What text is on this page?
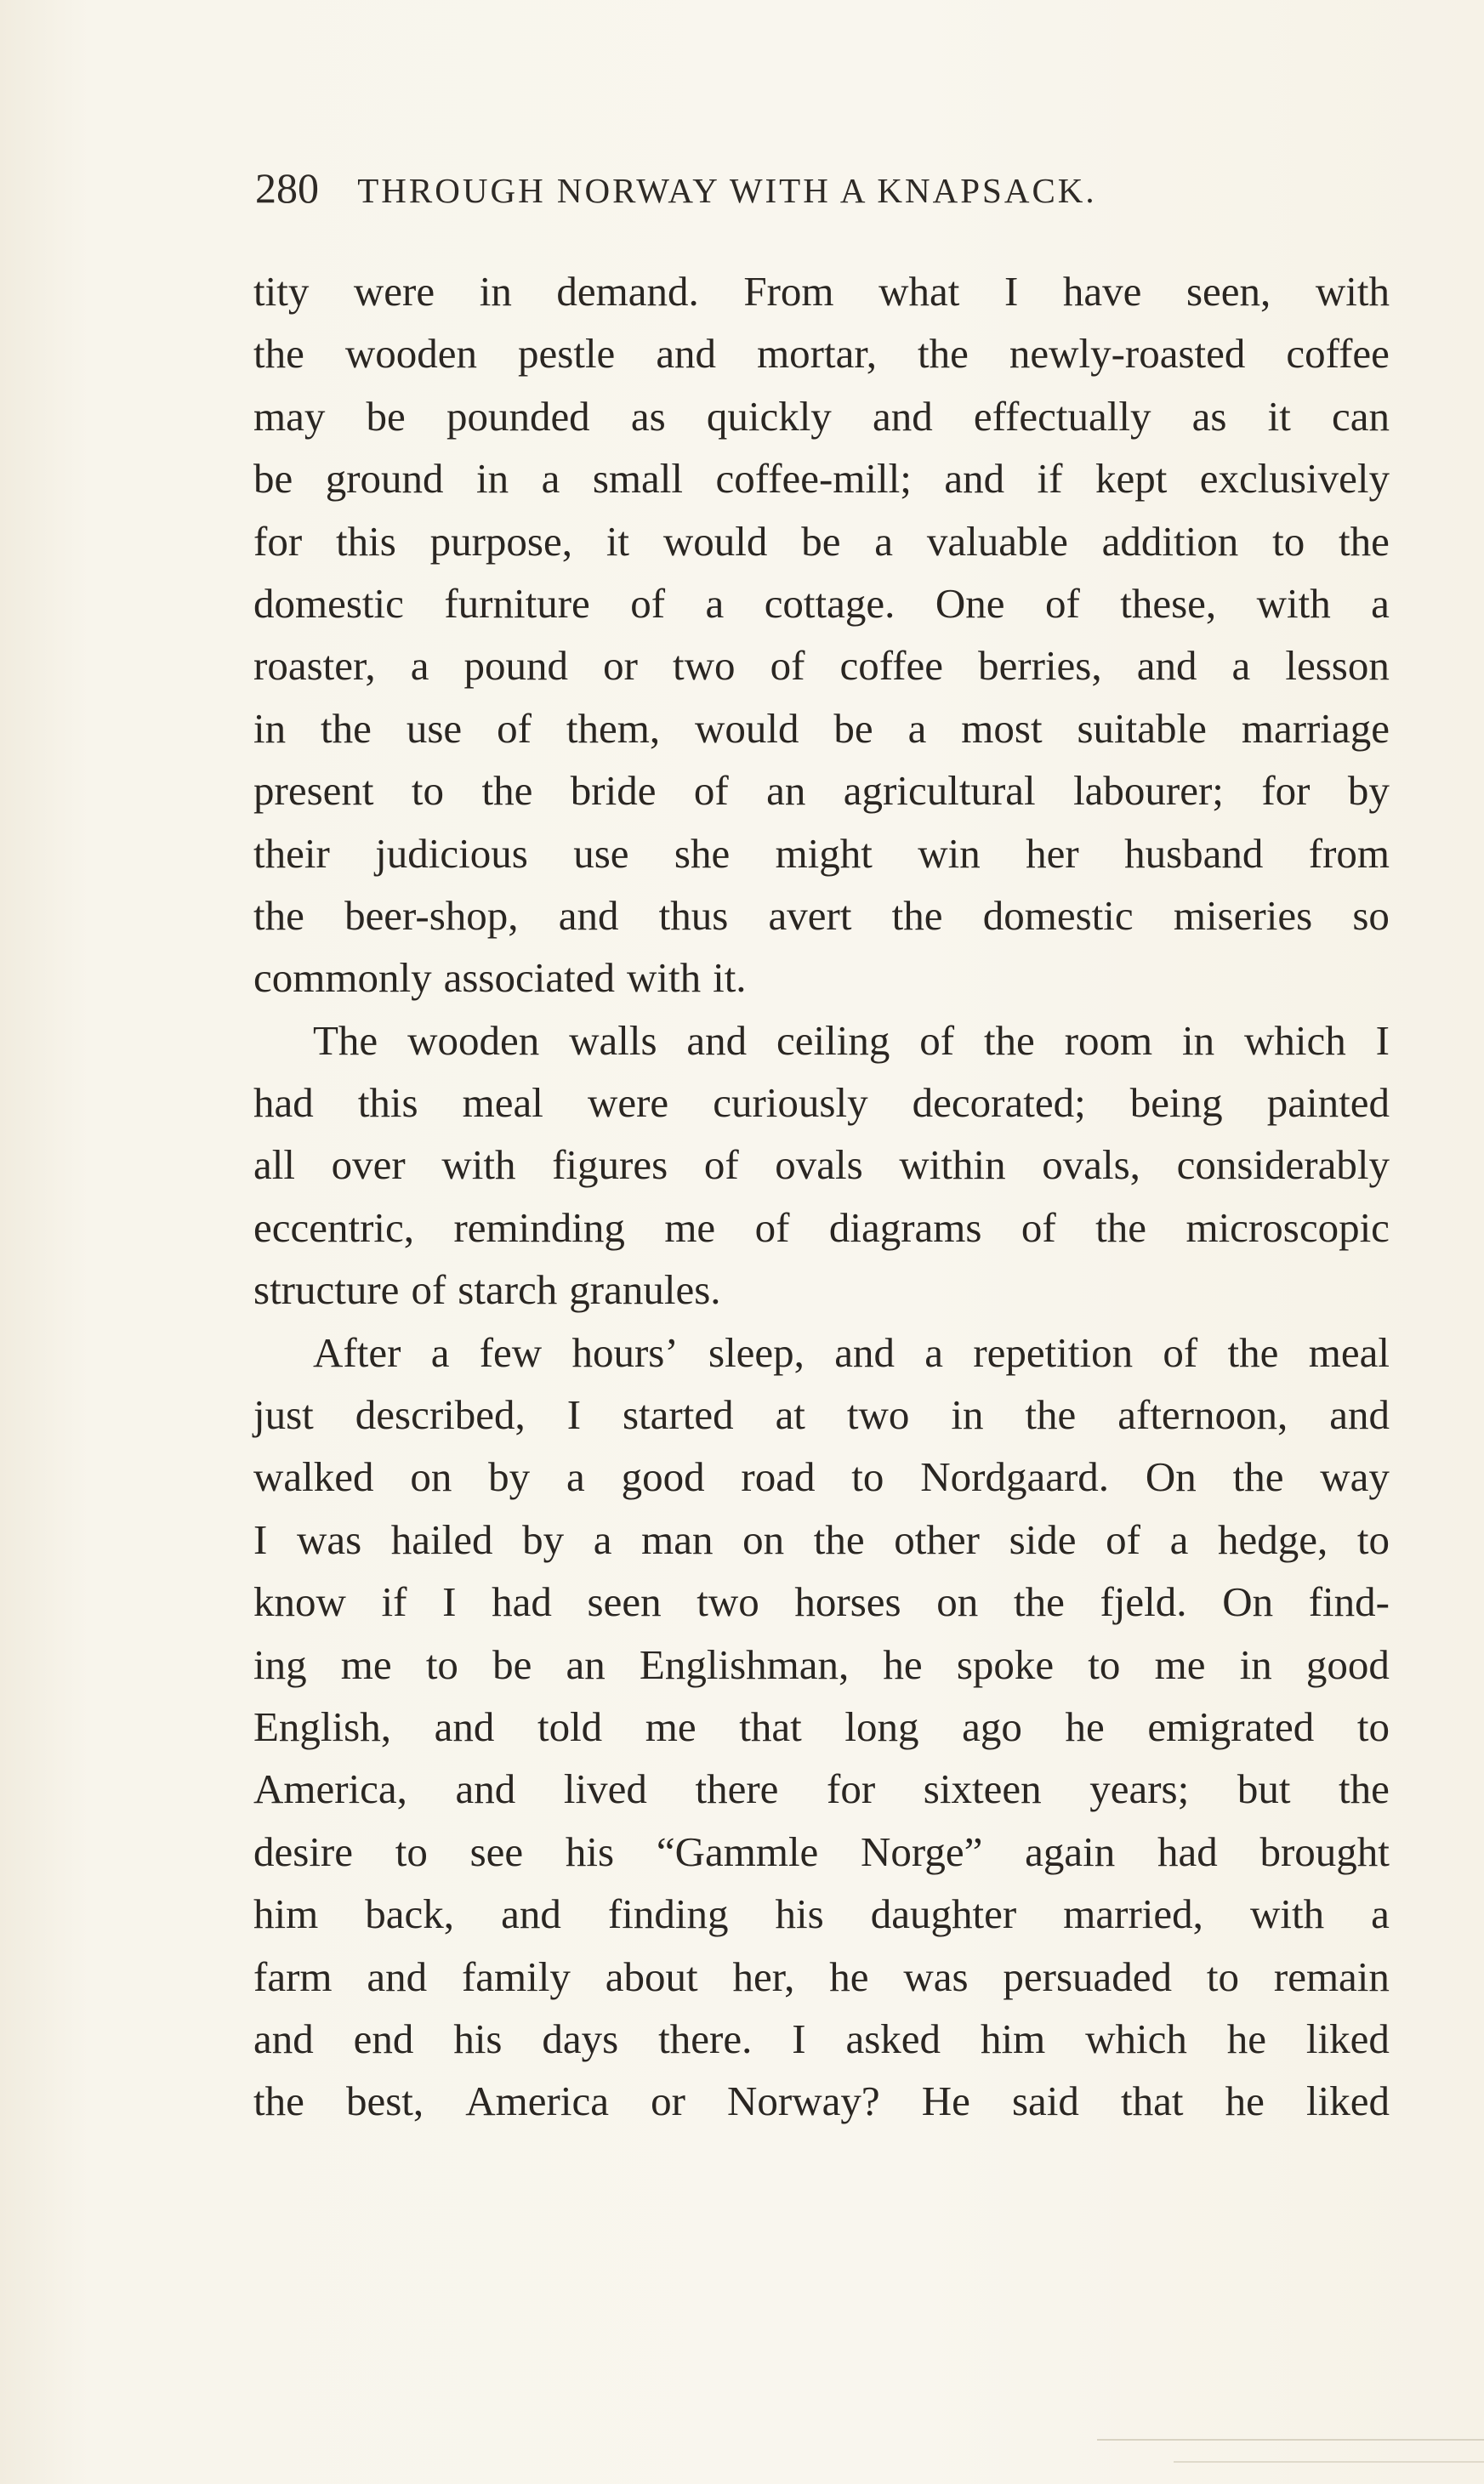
280 THROUGH NORWAY WITH A KNAPSACK.
tity were in demand. From what I have seen, with
the wooden pestle and mortar, the newly-roasted coffee
may be pounded as quickly and effectually as it can
be ground in a small coffee-mill; and if kept exclusively
for this purpose, it would be a valuable addition to the
domestic furniture of a cottage. One of these, with a
roaster, a pound or two of coffee berries, and a lesson
in the use of them, would be a most suitable marriage
present to the bride of an agricultural labourer; for by
their judicious use she might win her husband from
the beer-shop, and thus avert the domestic miseries so
commonly associated with it.
The wooden walls and ceiling of the room in which I
had this meal were curiously decorated; being painted
all over with figures of ovals within ovals, considerably
eccentric, reminding me of diagrams of the microscopic
structure of starch granules.
After a few hours’ sleep, and a repetition of the meal
just described, I started at two in the afternoon, and
walked on by a good road to Nordgaard. On the way
I was hailed by a man on the other side of a hedge, to
know if I had seen two horses on the fjeld. On find-
ing me to be an Englishman, he spoke to me in good
English, and told me that long ago he emigrated to
America, and lived there for sixteen years; but the
desire to see his “Gammle Norge” again had brought
him back, and finding his daughter married, with a
farm and family about her, he was persuaded to remain
and end his days there. I asked him which he liked
the best, America or Norway? He said that he liked
